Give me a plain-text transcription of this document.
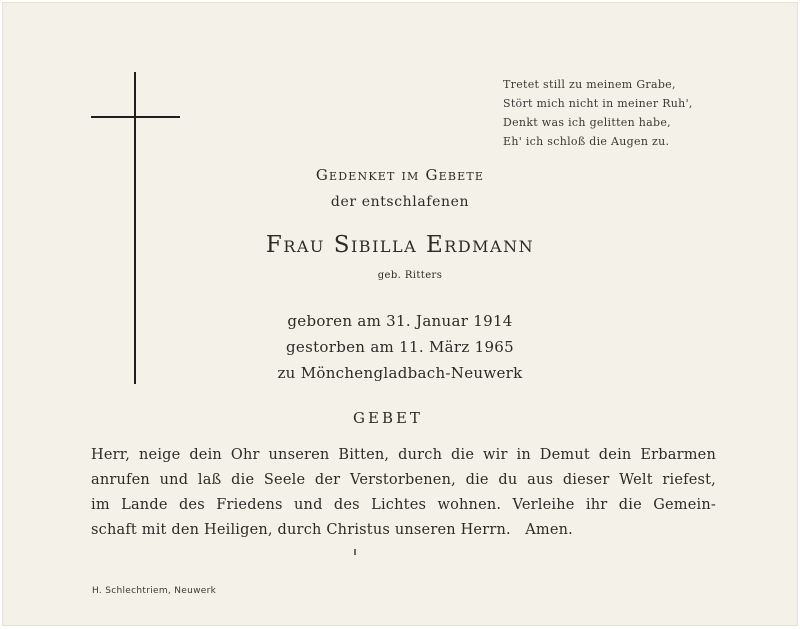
Tretet still zu meinem Grabe,
Stört mich nicht in meiner Ruh',
Denkt was ich gelitten habe,
Eh' ich schloß die Augen zu.
Gedenket im Gebete
der entschlafenen
Frau Sibilla Erdmann
geb. Ritters
geboren am 31. Januar 1914
gestorben am 11. März 1965
zu Mönchengladbach-Neuwerk
GEBET
Herr, neige dein Ohr unseren Bitten, durch die wir in Demut dein Erbarmen
anrufen und laß die Seele der Verstorbenen, die du aus dieser Welt riefest,
im Lande des Friedens und des Lichtes wohnen. Verleihe ihr die Gemein-
schaft mit den Heiligen, durch Christus unseren Herrn.   Amen.
H. Schlechtriem, Neuwerk
